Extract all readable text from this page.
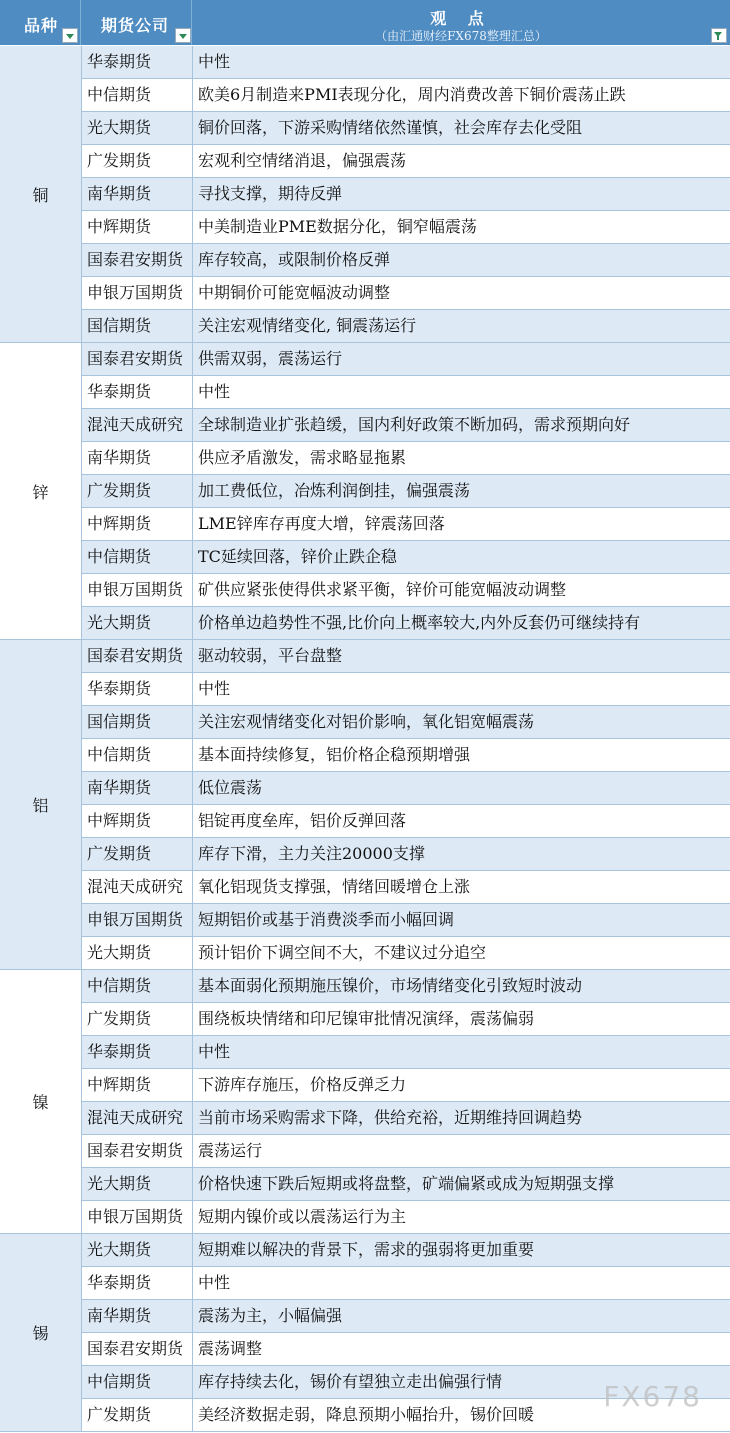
品种	期货公司	观 点
（由汇通财经FX678整理汇总）
铜
华泰期货	中性
中信期货	欧美6月制造来PMI表现分化，周内消费改善下铜价震荡止跌
光大期货	铜价回落，下游采购情绪依然谨慎，社会库存去化受阻
广发期货	宏观利空情绪消退，偏强震荡
南华期货	寻找支撑，期待反弹
中辉期货	中美制造业PME数据分化，铜窄幅震荡
国泰君安期货 库存较高，或限制价格反弹
申银万国期货 中期铜价可能宽幅波动调整
国信期货	关注宏观情绪变化, 铜震荡运行
锌
国泰君安期货 供需双弱，震荡运行
华泰期货	中性
混沌天成研究 全球制造业扩张趋缓，国内利好政策不断加码，需求预期向好
南华期货	供应矛盾激发，需求略显拖累
广发期货	加工费低位，冶炼利润倒挂，偏强震荡
中辉期货	LME锌库存再度大增，锌震荡回落
中信期货	TC延续回落，锌价止跌企稳
申银万国期货 矿供应紧张使得供求紧平衡，锌价可能宽幅波动调整
光大期货	价格单边趋势性不强,比价向上概率较大,内外反套仍可继续持有
铝
国泰君安期货 驱动较弱，平台盘整
华泰期货	中性
国信期货	关注宏观情绪变化对铝价影响，氧化铝宽幅震荡
中信期货	基本面持续修复，铝价格企稳预期增强
南华期货	低位震荡
中辉期货	铝锭再度垒库，铝价反弹回落
广发期货	库存下滑，主力关注20000支撑
混沌天成研究 氧化铝现货支撑强，情绪回暖增仓上涨
申银万国期货 短期铝价或基于消费淡季而小幅回调
光大期货	预计铝价下调空间不大，不建议过分追空
镍
中信期货	基本面弱化预期施压镍价，市场情绪变化引致短时波动
广发期货	围绕板块情绪和印尼镍审批情况演绎，震荡偏弱
华泰期货	中性
中辉期货	下游库存施压，价格反弹乏力
混沌天成研究 当前市场采购需求下降，供给充裕，近期维持回调趋势
国泰君安期货 震荡运行
光大期货	价格快速下跌后短期或将盘整，矿端偏紧或成为短期强支撑
申银万国期货 短期内镍价或以震荡运行为主
锡
光大期货	短期难以解决的背景下，需求的强弱将更加重要
华泰期货	中性
南华期货	震荡为主，小幅偏强
国泰君安期货 震荡调整
中信期货	库存持续去化，锡价有望独立走出偏强行情
广发期货	美经济数据走弱，降息预期小幅抬升，锡价回暖
FX678
